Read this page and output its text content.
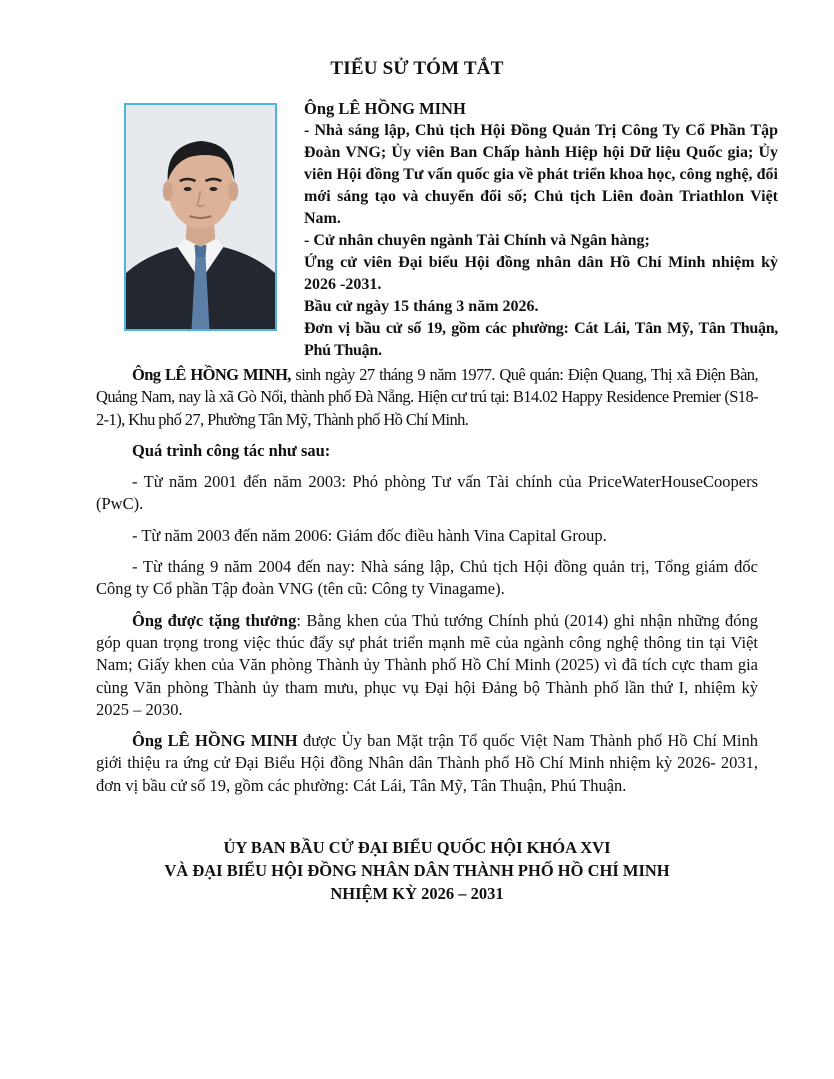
TIỂU SỬ TÓM TẮT

Ông LÊ HỒNG MINH

- Nhà sáng lập, Chủ tịch Hội Đồng Quản Trị Công Ty Cổ Phần Tập Đoàn VNG; Ủy viên Ban Chấp hành Hiệp hội Dữ liệu Quốc gia; Ủy viên Hội đồng Tư vấn quốc gia về phát triển khoa học, công nghệ, đổi mới sáng tạo và chuyển đổi số; Chủ tịch Liên đoàn Triathlon Việt Nam.

- Cử nhân chuyên ngành Tài Chính và Ngân hàng;

Ứng cử viên Đại biểu Hội đồng nhân dân Hồ Chí Minh nhiệm kỳ 2026 -2031.

Bầu cử ngày 15 tháng 3 năm 2026.

Đơn vị bầu cử số 19, gồm các phường: Cát Lái, Tân Mỹ, Tân Thuận, Phú Thuận.

Ông LÊ HỒNG MINH, sinh ngày 27 tháng 9 năm 1977. Quê quán: Điện Quang, Thị xã Điện Bàn, Quảng Nam, nay là xã Gò Nổi, thành phố Đà Nẵng. Hiện cư trú tại: B14.02 Happy Residence Premier (S18-2-1), Khu phố 27, Phường Tân Mỹ, Thành phố Hồ Chí Minh.

Quá trình công tác như sau:

- Từ năm 2001 đến năm 2003: Phó phòng Tư vấn Tài chính của PriceWaterHouseCoopers (PwC).

- Từ năm 2003 đến năm 2006: Giám đốc điều hành Vina Capital Group.

- Từ tháng 9 năm 2004 đến nay: Nhà sáng lập, Chủ tịch Hội đồng quản trị, Tổng giám đốc Công ty Cổ phần Tập đoàn VNG (tên cũ: Công ty Vinagame).

Ông được tặng thưởng: Bằng khen của Thủ tướng Chính phủ (2014) ghi nhận những đóng góp quan trọng trong việc thúc đẩy sự phát triển mạnh mẽ của ngành công nghệ thông tin tại Việt Nam; Giấy khen của Văn phòng Thành ủy Thành phố Hồ Chí Minh (2025) vì đã tích cực tham gia cùng Văn phòng Thành ủy tham mưu, phục vụ Đại hội Đảng bộ Thành phố lần thứ I, nhiệm kỳ 2025 – 2030.

Ông LÊ HỒNG MINH được Ủy ban Mặt trận Tổ quốc Việt Nam Thành phố Hồ Chí Minh giới thiệu ra ứng cử Đại Biểu Hội đồng Nhân dân Thành phố Hồ Chí Minh nhiệm kỳ 2026- 2031, đơn vị bầu cử số 19, gồm các phường: Cát Lái, Tân Mỹ, Tân Thuận, Phú Thuận.

ỦY BAN BẦU CỬ ĐẠI BIỂU QUỐC HỘI KHÓA XVI
VÀ ĐẠI BIỂU HỘI ĐỒNG NHÂN DÂN THÀNH PHỐ HỒ CHÍ MINH
NHIỆM KỲ 2026 – 2031
